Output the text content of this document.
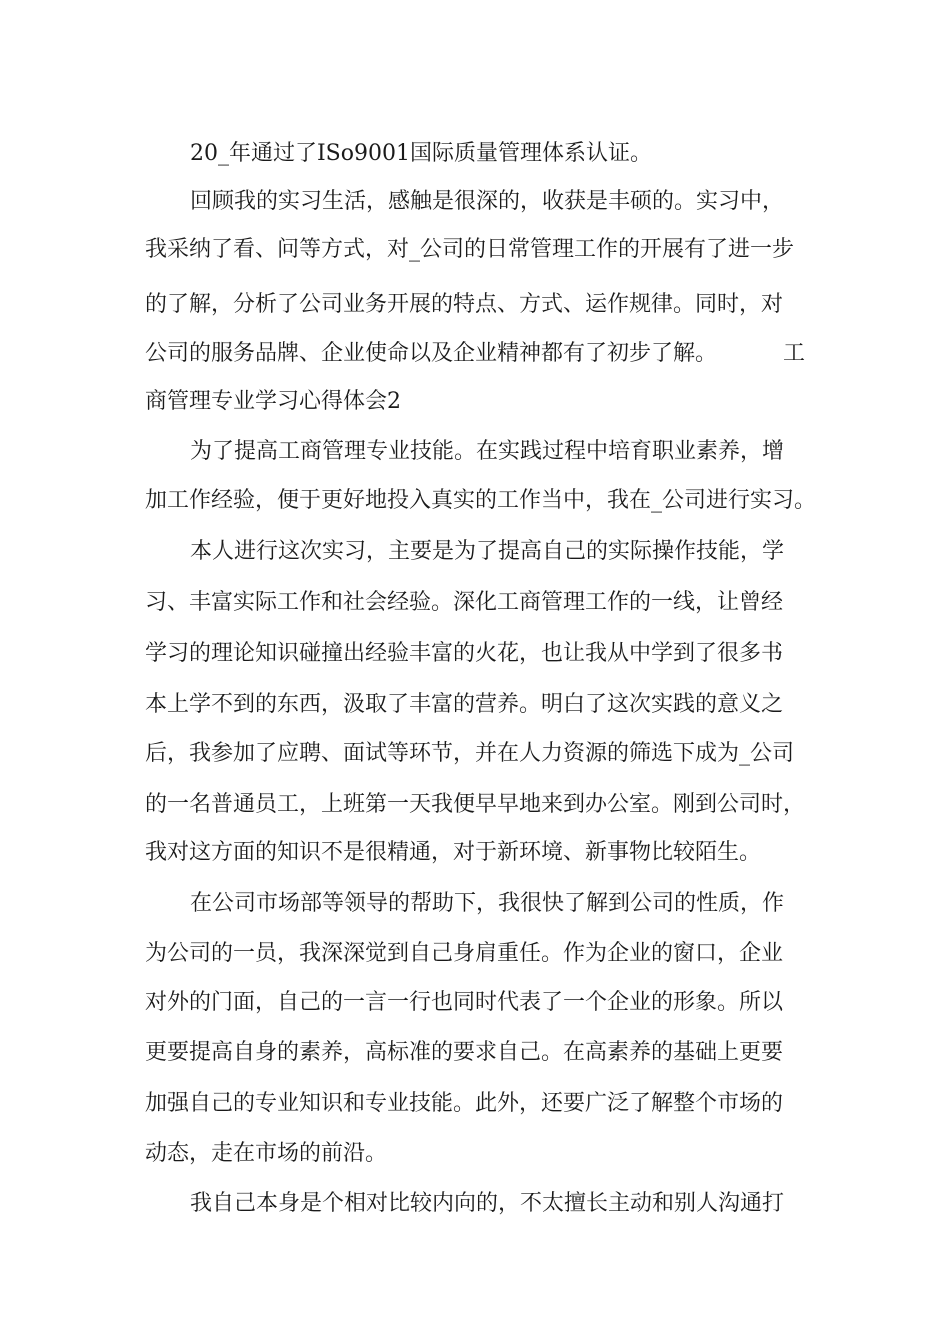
20_年通过了ISo9001国际质量管理体系认证。
回顾我的实习生活，感触是很深的，收获是丰硕的。实习中，
我采纳了看、问等方式，对_公司的日常管理工作的开展有了进一步
的了解，分析了公司业务开展的特点、方式、运作规律。同时，对
公司的服务品牌、企业使命以及企业精神都有了初步了解。	工
商管理专业学习心得体会2
为了提高工商管理专业技能。在实践过程中培育职业素养，增
加工作经验，便于更好地投入真实的工作当中，我在_公司进行实习。
本人进行这次实习，主要是为了提高自己的实际操作技能，学
习、丰富实际工作和社会经验。深化工商管理工作的一线，让曾经
学习的理论知识碰撞出经验丰富的火花，也让我从中学到了很多书
本上学不到的东西，汲取了丰富的营养。明白了这次实践的意义之
后，我参加了应聘、面试等环节，并在人力资源的筛选下成为_公司
的一名普通员工，上班第一天我便早早地来到办公室。刚到公司时，
我对这方面的知识不是很精通，对于新环境、新事物比较陌生。
在公司市场部等领导的帮助下，我很快了解到公司的性质，作
为公司的一员，我深深觉到自己身肩重任。作为企业的窗口，企业
对外的门面，自己的一言一行也同时代表了一个企业的形象。所以
更要提高自身的素养，高标准的要求自己。在高素养的基础上更要
加强自己的专业知识和专业技能。此外，还要广泛了解整个市场的
动态，走在市场的前沿。
我自己本身是个相对比较内向的，不太擅长主动和别人沟通打
